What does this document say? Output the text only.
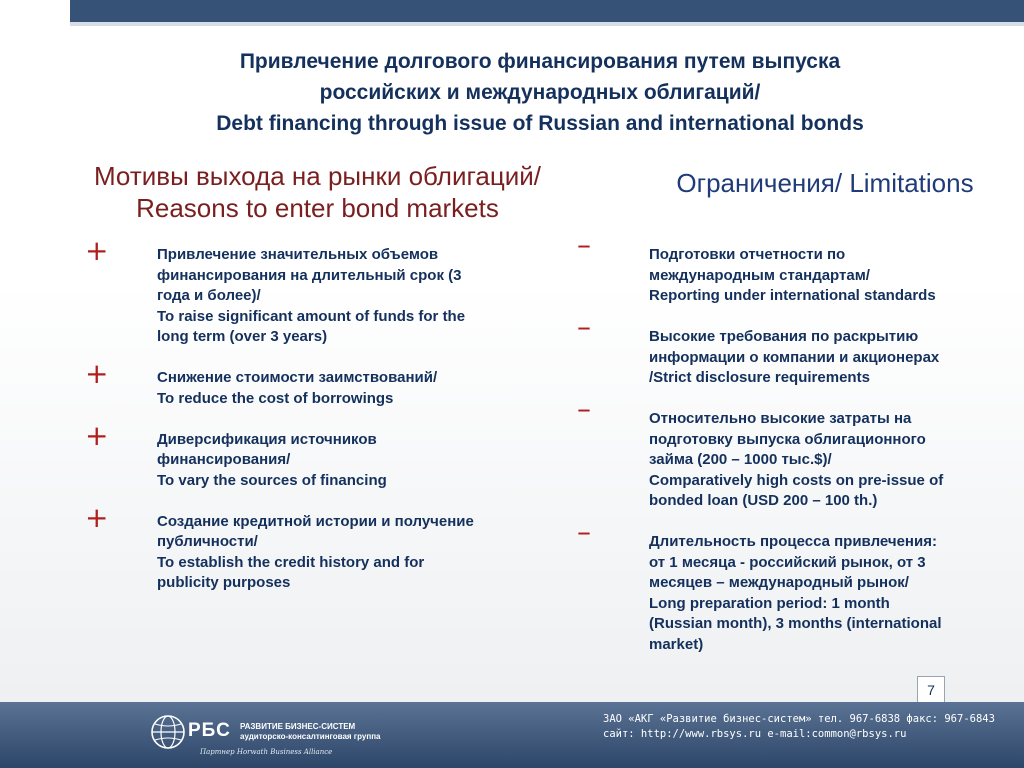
Привлечение долгового финансирования путем выпуска
российских и международных облигаций/
Debt financing through issue of Russian and international bonds
Мотивы выхода на рынки облигаций/
Reasons to enter bond markets
Ограничения/ Limitations
+	Привлечение значительных объемов
финансирования на длительный срок (3
года и более)/
To raise significant amount of funds for the
long term (over 3 years)
+	Снижение стоимости заимствований/
To reduce the cost of borrowings
+	Диверсификация источников
финансирования/
To vary the sources of financing
+	Создание кредитной истории и получение
публичности/
To establish the credit history and for
publicity purposes
–	Подготовки отчетности по
международным стандартам/
Reporting under international standards
–	Высокие требования по раскрытию
информации о компании и акционерах
/Strict disclosure requirements
–	Относительно высокие затраты на
подготовку выпуска облигационного
займа (200 – 1000 тыс.$)/
Comparatively high costs on pre-issue of
bonded loan (USD 200 – 100 th.)
–	Длительность процесса привлечения:
от 1 месяца - российский рынок, от 3
месяцев – международный рынок/
Long preparation period: 1 month
(Russian month), 3 months (international
market)
7
РБС РАЗВИТИЕ БИЗНЕС-СИСТЕМ
аудиторско-консалтинговая группа
Партнер Horwath Business Alliance
ЗАО «АКГ «Развитие бизнес-систем» тел. 967-6838 факс: 967-6843
сайт: http://www.rbsys.ru e-mail:common@rbsys.ru
